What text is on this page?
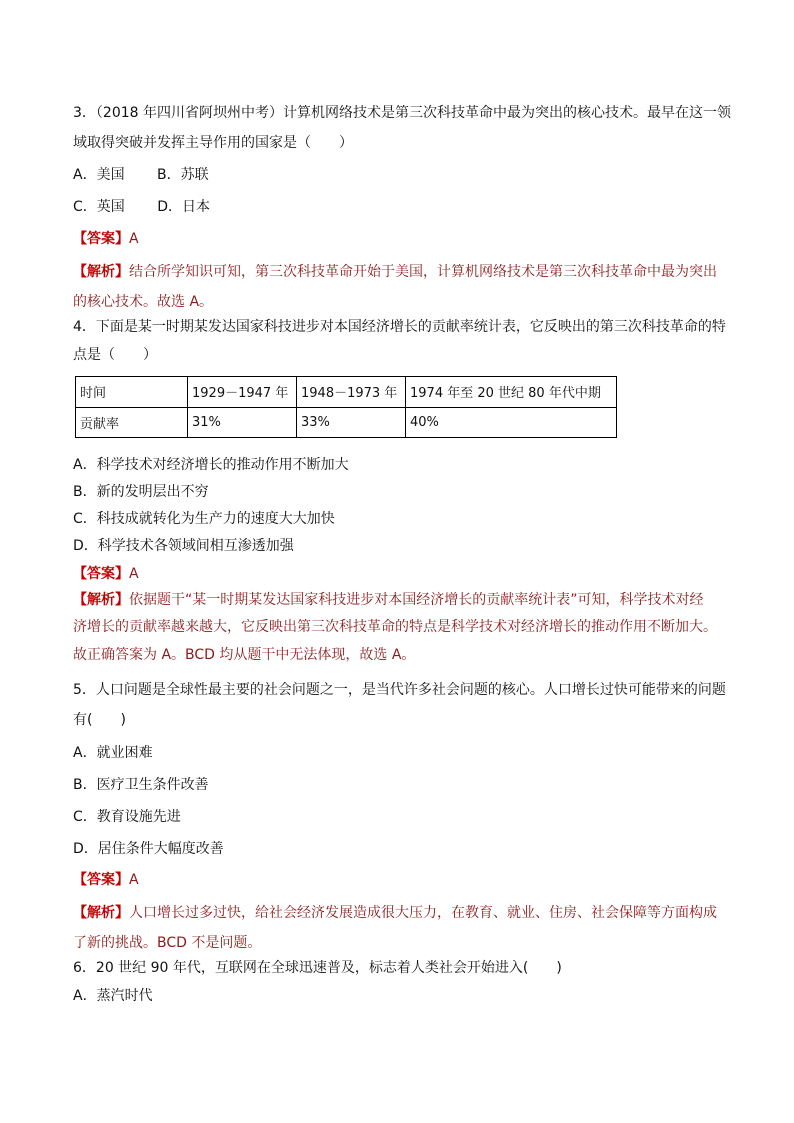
3．（2018 年四川省阿坝州中考）计算机网络技术是第三次科技革命中最为突出的核心技术。最早在这一领
域取得突破并发挥主导作用的国家是（　　）
A．美国　　 B．苏联
C．英国　　 D．日本
【答案】A
【解析】结合所学知识可知，第三次科技革命开始于美国，计算机网络技术是第三次科技革命中最为突出
的核心技术。故选 A。
4．下面是某一时期某发达国家科技进步对本国经济增长的贡献率统计表，它反映出的第三次科技革命的特
点是（　　）
时间	1929－1947 年	1948－1973 年	1974 年至 20 世纪 80 年代中期
贡献率	31%	33%	40%
A．科学技术对经济增长的推动作用不断加大
B．新的发明层出不穷
C．科技成就转化为生产力的速度大大加快
D．科学技术各领域间相互渗透加强
【答案】A
【解析】依据题干“某一时期某发达国家科技进步对本国经济增长的贡献率统计表”可知，科学技术对经
济增长的贡献率越来越大，它反映出第三次科技革命的特点是科学技术对经济增长的推动作用不断加大。
故正确答案为 A。BCD 均从题干中无法体现，故选 A。
5．人口问题是全球性最主要的社会问题之一，是当代许多社会问题的核心。人口增长过快可能带来的问题
有(　　)
A．就业困难
B．医疗卫生条件改善
C．教育设施先进
D．居住条件大幅度改善
【答案】A
【解析】人口增长过多过快，给社会经济发展造成很大压力，在教育、就业、住房、社会保障等方面构成
了新的挑战。BCD 不是问题。
6．20 世纪 90 年代，互联网在全球迅速普及，标志着人类社会开始进入(　　)
A．蒸汽时代
